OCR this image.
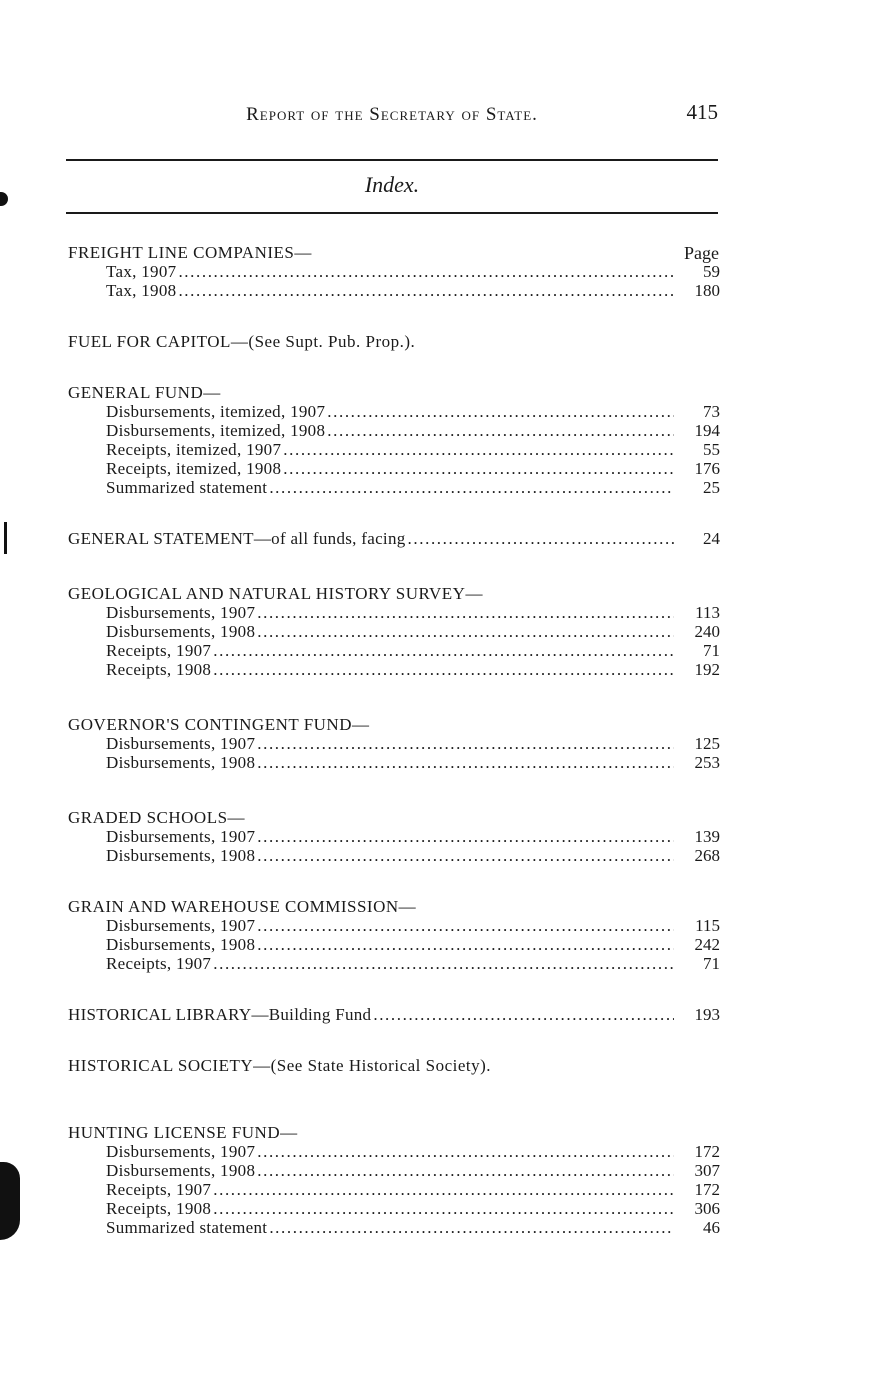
Report of the Secretary of State.	415
Index.
Page
FREIGHT LINE COMPANIES—
Tax, 1907 .....	59
Tax, 1908 .....	180
FUEL FOR CAPITOL—(See Supt. Pub. Prop.).
GENERAL FUND—
Disbursements, itemized, 1907 .....	73
Disbursements, itemized, 1908 .....	194
Receipts, itemized, 1907 .....	55
Receipts, itemized, 1908 .....	176
Summarized statement .....	25
GENERAL STATEMENT—of all funds, facing .....	24
GEOLOGICAL AND NATURAL HISTORY SURVEY—
Disbursements, 1907 .....	113
Disbursements, 1908 .....	240
Receipts, 1907 .....	71
Receipts, 1908 .....	192
GOVERNOR'S CONTINGENT FUND—
Disbursements, 1907 .....	125
Disbursements, 1908 .....	253
GRADED SCHOOLS—
Disbursements, 1907 .....	139
Disbursements, 1908 .....	268
GRAIN AND WAREHOUSE COMMISSION—
Disbursements, 1907 .....	115
Disbursements, 1908 .....	242
Receipts, 1907 .....	71
HISTORICAL LIBRARY—Building Fund .....	193
HISTORICAL SOCIETY—(See State Historical Society).
HUNTING LICENSE FUND—
Disbursements, 1907 .....	172
Disbursements, 1908 .....	307
Receipts, 1907 .....	172
Receipts, 1908 .....	306
Summarized statement .....	46
